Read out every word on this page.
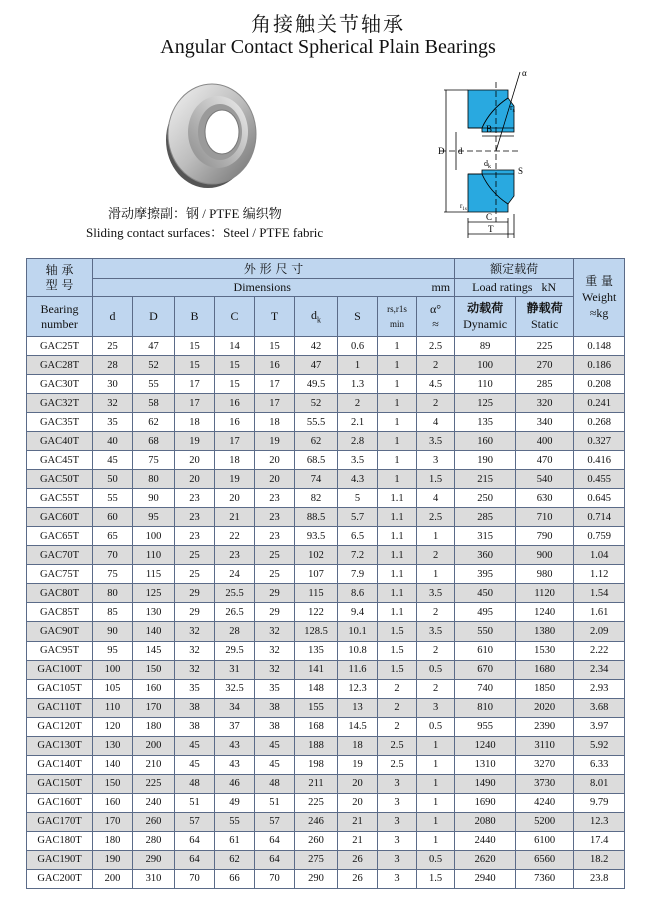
角接触关节轴承
Angular Contact Spherical Plain Bearings
滑动摩擦副：钢 / PTFE 编织物
Sliding contact surfaces：Steel / PTFE fabric
α
$r_s$
B
D d
$d_k$	S
$r_{1s}$
C
T
轴 承
型 号	外 形 尺 寸									额定载荷		重 量
Weight
≈kg
	Dimensions mm									Load ratings kN		
Bearing
number	d	D	B	C	T	$d_k$	S	rs,r1s
min	α°
≈	动载荷
Dynamic	静载荷
Static	
GAC25T	25	47	15	14	15	42	0.6	1	2.5	89	225	0.148
GAC28T	28	52	15	15	16	47	1	1	2	100	270	0.186
GAC30T	30	55	17	15	17	49.5	1.3	1	4.5	110	285	0.208
GAC32T	32	58	17	16	17	52	2	1	2	125	320	0.241
GAC35T	35	62	18	16	18	55.5	2.1	1	4	135	340	0.268
GAC40T	40	68	19	17	19	62	2.8	1	3.5	160	400	0.327
GAC45T	45	75	20	18	20	68.5	3.5	1	3	190	470	0.416
GAC50T	50	80	20	19	20	74	4.3	1	1.5	215	540	0.455
GAC55T	55	90	23	20	23	82	5	1.1	4	250	630	0.645
GAC60T	60	95	23	21	23	88.5	5.7	1.1	2.5	285	710	0.714
GAC65T	65	100	23	22	23	93.5	6.5	1.1	1	315	790	0.759
GAC70T	70	110	25	23	25	102	7.2	1.1	2	360	900	1.04
GAC75T	75	115	25	24	25	107	7.9	1.1	1	395	980	1.12
GAC80T	80	125	29	25.5	29	115	8.6	1.1	3.5	450	1120	1.54
GAC85T	85	130	29	26.5	29	122	9.4	1.1	2	495	1240	1.61
GAC90T	90	140	32	28	32	128.5	10.1	1.5	3.5	550	1380	2.09
GAC95T	95	145	32	29.5	32	135	10.8	1.5	2	610	1530	2.22
GAC100T	100	150	32	31	32	141	11.6	1.5	0.5	670	1680	2.34
GAC105T	105	160	35	32.5	35	148	12.3	2	2	740	1850	2.93
GAC110T	110	170	38	34	38	155	13	2	3	810	2020	3.68
GAC120T	120	180	38	37	38	168	14.5	2	0.5	955	2390	3.97
GAC130T	130	200	45	43	45	188	18	2.5	1	1240	3110	5.92
GAC140T	140	210	45	43	45	198	19	2.5	1	1310	3270	6.33
GAC150T	150	225	48	46	48	211	20	3	1	1490	3730	8.01
GAC160T	160	240	51	49	51	225	20	3	1	1690	4240	9.79
GAC170T	170	260	57	55	57	246	21	3	1	2080	5200	12.3
GAC180T	180	280	64	61	64	260	21	3	1	2440	6100	17.4
GAC190T	190	290	64	62	64	275	26	3	0.5	2620	6560	18.2
GAC200T	200	310	70	66	70	290	26	3	1.5	2940	7360	23.8
